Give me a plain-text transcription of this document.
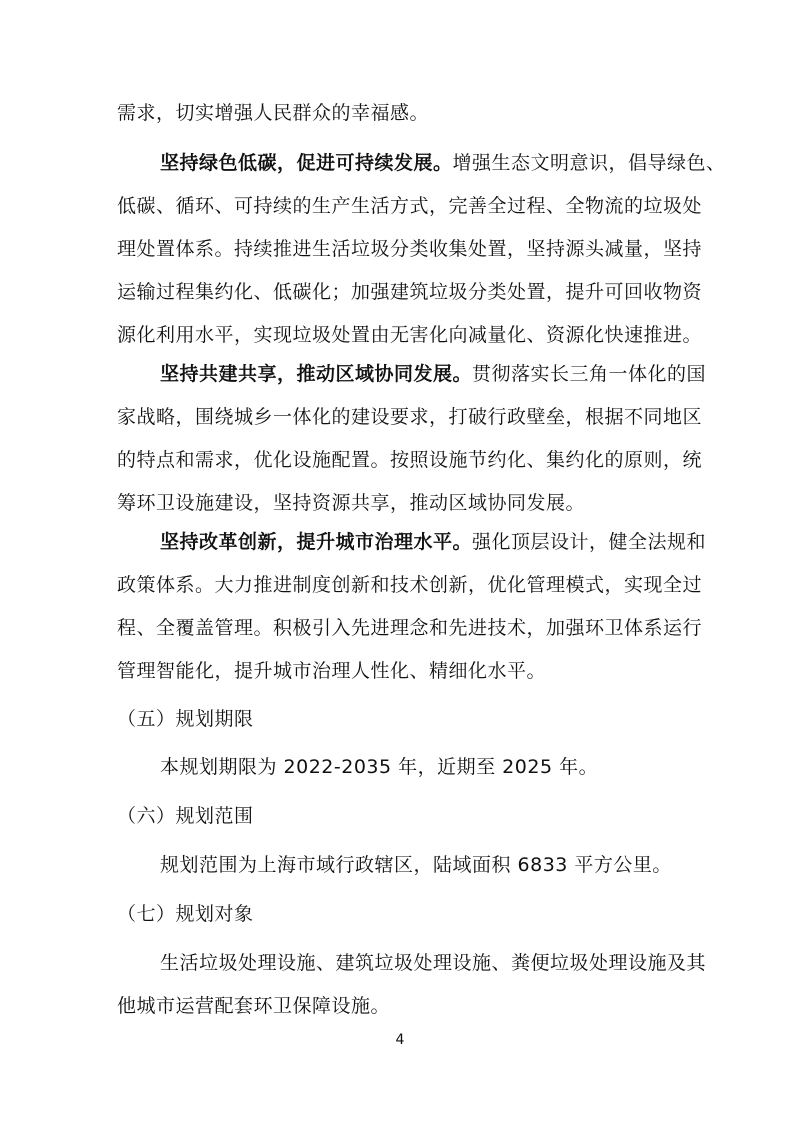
需求，切实增强人民群众的幸福感。
坚持绿色低碳，促进可持续发展。增强生态文明意识，倡导绿色、
低碳、循环、可持续的生产生活方式，完善全过程、全物流的垃圾处
理处置体系。持续推进生活垃圾分类收集处置，坚持源头减量，坚持
运输过程集约化、低碳化；加强建筑垃圾分类处置，提升可回收物资
源化利用水平，实现垃圾处置由无害化向减量化、资源化快速推进。
坚持共建共享，推动区域协同发展。贯彻落实长三角一体化的国
家战略，围绕城乡一体化的建设要求，打破行政壁垒，根据不同地区
的特点和需求，优化设施配置。按照设施节约化、集约化的原则，统
筹环卫设施建设，坚持资源共享，推动区域协同发展。
坚持改革创新，提升城市治理水平。强化顶层设计，健全法规和
政策体系。大力推进制度创新和技术创新，优化管理模式，实现全过
程、全覆盖管理。积极引入先进理念和先进技术，加强环卫体系运行
管理智能化，提升城市治理人性化、精细化水平。
（五）规划期限
本规划期限为 2022-2035 年，近期至 2025 年。
（六）规划范围
规划范围为上海市域行政辖区，陆域面积 6833 平方公里。
（七）规划对象
生活垃圾处理设施、建筑垃圾处理设施、粪便垃圾处理设施及其
他城市运营配套环卫保障设施。
4
